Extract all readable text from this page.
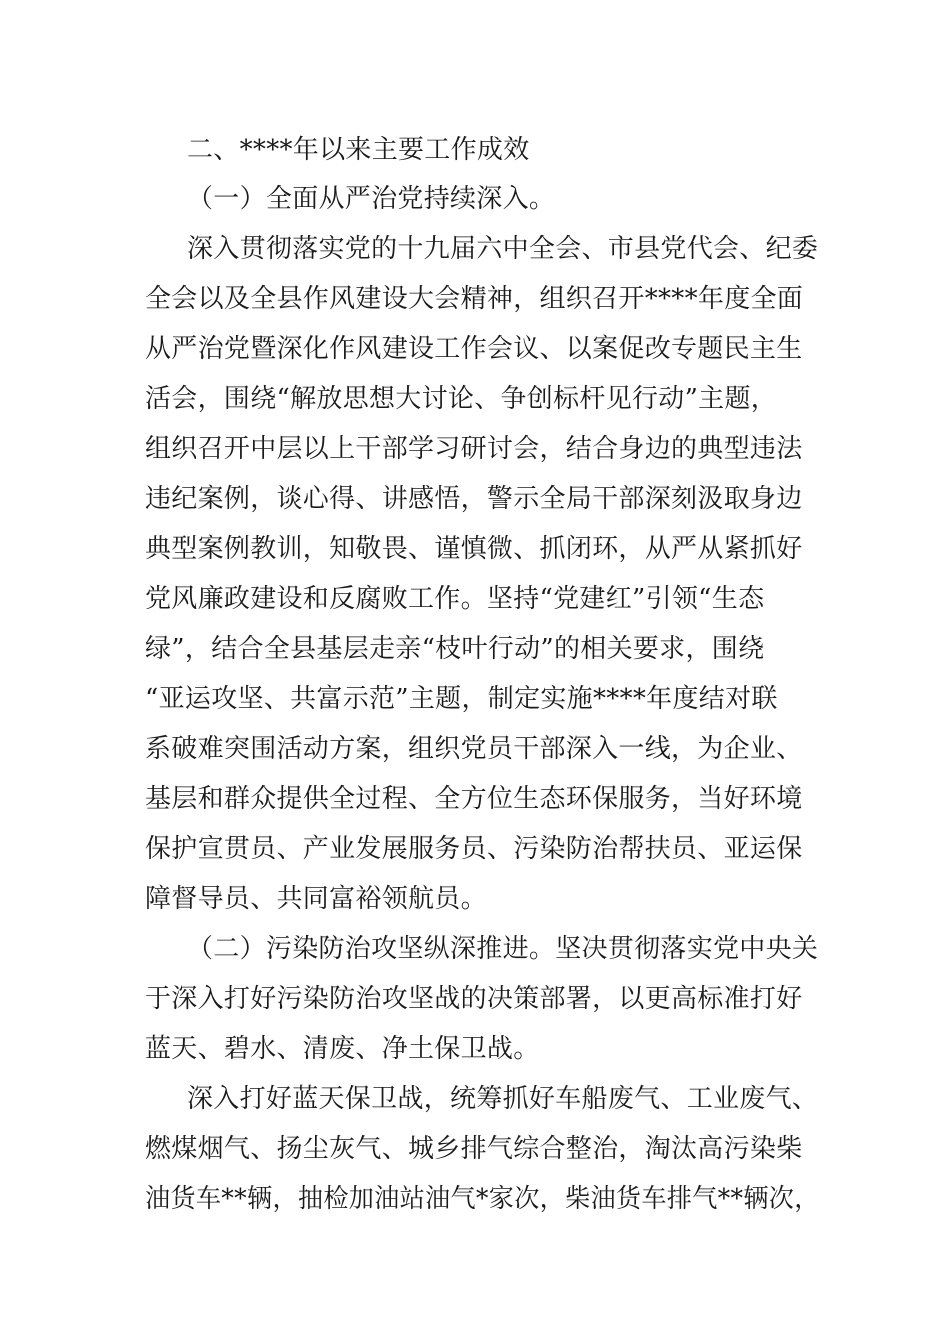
二、****年以来主要工作成效
（一）全面从严治党持续深入。
深入贯彻落实党的十九届六中全会、市县党代会、纪委
全会以及全县作风建设大会精神，组织召开****年度全面
从严治党暨深化作风建设工作会议、以案促改专题民主生
活会，围绕“解放思想大讨论、争创标杆见行动”主题，
组织召开中层以上干部学习研讨会，结合身边的典型违法
违纪案例，谈心得、讲感悟，警示全局干部深刻汲取身边
典型案例教训，知敬畏、谨慎微、抓闭环，从严从紧抓好
党风廉政建设和反腐败工作。坚持“党建红”引领“生态
绿”，结合全县基层走亲“枝叶行动”的相关要求，围绕
“亚运攻坚、共富示范”主题，制定实施****年度结对联
系破难突围活动方案，组织党员干部深入一线，为企业、
基层和群众提供全过程、全方位生态环保服务，当好环境
保护宣贯员、产业发展服务员、污染防治帮扶员、亚运保
障督导员、共同富裕领航员。
（二）污染防治攻坚纵深推进。坚决贯彻落实党中央关
于深入打好污染防治攻坚战的决策部署，以更高标准打好
蓝天、碧水、清废、净土保卫战。
深入打好蓝天保卫战，统筹抓好车船废气、工业废气、
燃煤烟气、扬尘灰气、城乡排气综合整治，淘汰高污染柴
油货车**辆，抽检加油站油气*家次，柴油货车排气**辆次，
